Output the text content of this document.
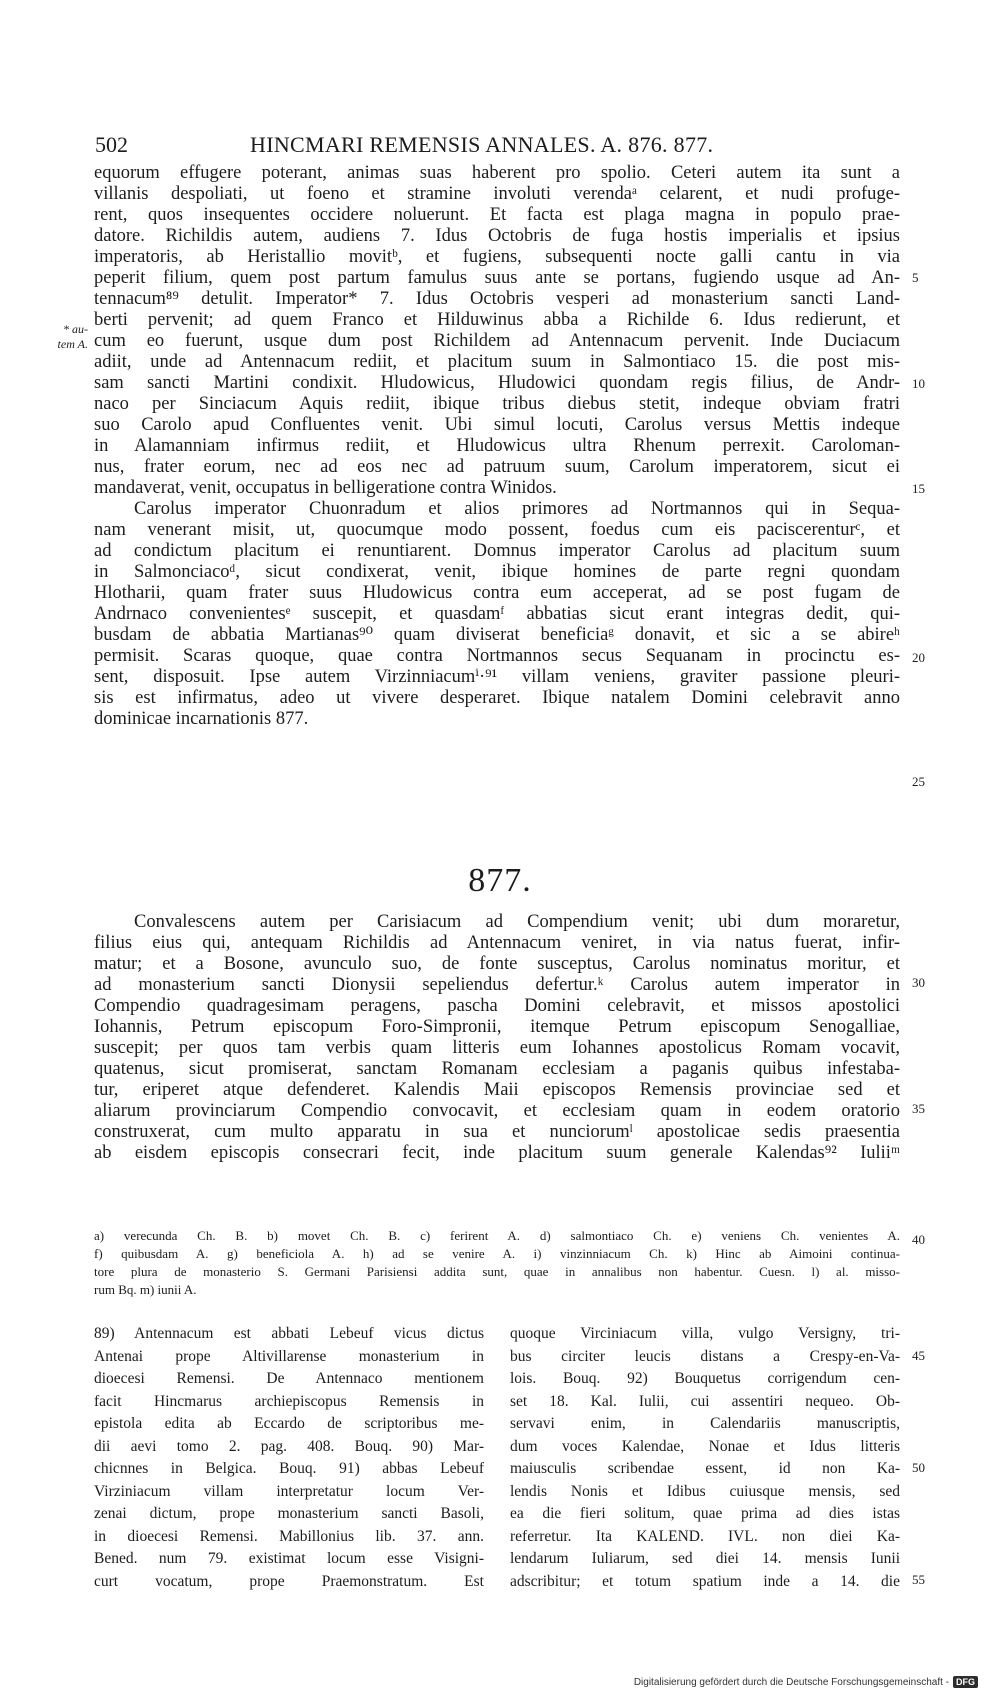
502	HINCMARI REMENSIS ANNALES. A. 876. 877.
* au-
tem A.
equorum effugere poterant, animas suas haberent pro spolio. Ceteri autem ita sunt a
villanis despoliati, ut foeno et stramine involuti verendaᵃ celarent, et nudi profuge-
rent, quos insequentes occidere noluerunt. Et facta est plaga magna in populo prae-
datore. Richildis autem, audiens 7. Idus Octobris de fuga hostis imperialis et ipsius
imperatoris, ab Heristallio movitᵇ, et fugiens, subsequenti nocte galli cantu in via
peperit filium, quem post partum famulus suus ante se portans, fugiendo usque ad An-
tennacum⁸⁹ detulit. Imperator* 7. Idus Octobris vesperi ad monasterium sancti Land-
berti pervenit; ad quem Franco et Hilduwinus abba a Richilde 6. Idus redierunt, et
cum eo fuerunt, usque dum post Richildem ad Antennacum pervenit. Inde Duciacum
adiit, unde ad Antennacum rediit, et placitum suum in Salmontiaco 15. die post mis-
sam sancti Martini condixit. Hludowicus, Hludowici quondam regis filius, de Andr-
naco per Sinciacum Aquis rediit, ibique tribus diebus stetit, indeque obviam fratri
suo Carolo apud Confluentes venit. Ubi simul locuti, Carolus versus Mettis indeque
in Alamanniam infirmus rediit, et Hludowicus ultra Rhenum perrexit. Caroloman-
nus, frater eorum, nec ad eos nec ad patruum suum, Carolum imperatorem, sicut ei
mandaverat, venit, occupatus in belligeratione contra Winidos.
Carolus imperator Chuonradum et alios primores ad Nortmannos qui in Sequa-
nam venerant misit, ut, quocumque modo possent, foedus cum eis paciscerenturᶜ, et
ad condictum placitum ei renuntiarent. Domnus imperator Carolus ad placitum suum
in Salmonciacoᵈ, sicut condixerat, venit, ibique homines de parte regni quondam
Hlotharii, quam frater suus Hludowicus contra eum acceperat, ad se post fugam de
Andrnaco convenientesᵉ suscepit, et quasdamᶠ abbatias sicut erant integras dedit, qui-
busdam de abbatia Martianas⁹⁰ quam diviserat beneficiaᵍ donavit, et sic a se abireʰ
permisit. Scaras quoque, quae contra Nortmannos secus Sequanam in procinctu es-
sent, disposuit. Ipse autem Virzinniacumⁱ·⁹¹ villam veniens, graviter passione pleuri-
sis est infirmatus, adeo ut vivere desperaret. Ibique natalem Domini celebravit anno
dominicae incarnationis 877.
877.
Convalescens autem per Carisiacum ad Compendium venit; ubi dum moraretur,
filius eius qui, antequam Richildis ad Antennacum veniret, in via natus fuerat, infir-
matur; et a Bosone, avunculo suo, de fonte susceptus, Carolus nominatus moritur, et
ad monasterium sancti Dionysii sepeliendus defertur.ᵏ Carolus autem imperator in
Compendio quadragesimam peragens, pascha Domini celebravit, et missos apostolici
Iohannis, Petrum episcopum Foro-Simpronii, itemque Petrum episcopum Senogalliae,
suscepit; per quos tam verbis quam litteris eum Iohannes apostolicus Romam vocavit,
quatenus, sicut promiserat, sanctam Romanam ecclesiam a paganis quibus infestaba-
tur, eriperet atque defenderet. Kalendis Maii episcopos Remensis provinciae sed et
aliarum provinciarum Compendio convocavit, et ecclesiam quam in eodem oratorio
construxerat, cum multo apparatu in sua et nunciorumˡ apostolicae sedis praesentia
ab eisdem episcopis consecrari fecit, inde placitum suum generale Kalendas⁹² Iuliiᵐ
5
10
15
20
25
30
35
40
45
50
55
a) verecunda Ch. B. b) movet Ch. B. c) ferirent A. d) salmontiaco Ch. e) veniens Ch. venientes A.
f) quibusdam A. g) beneficiola A. h) ad se venire A. i) vinzinniacum Ch. k) Hinc ab Aimoini continua-
tore plura de monasterio S. Germani Parisiensi addita sunt, quae in annalibus non habentur. Cuesn. l) al. misso-
rum Bq. m) iunii A.
89) Antennacum est abbati Lebeuf vicus dictus
Antenai prope Altivillarense monasterium in
dioecesi Remensi. De Antennaco mentionem
facit Hincmarus archiepiscopus Remensis in
epistola edita ab Eccardo de scriptoribus me-
dii aevi tomo 2. pag. 408. Bouq. 90) Mar-
chicnnes in Belgica. Bouq. 91) abbas Lebeuf
Virziniacum villam interpretatur locum Ver-
zenai dictum, prope monasterium sancti Basoli,
in dioecesi Remensi. Mabillonius lib. 37. ann.
Bened. num 79. existimat locum esse Visigni-
curt vocatum, prope Praemonstratum. Est
quoque Virciniacum villa, vulgo Versigny, tri-
bus circiter leucis distans a Crespy-en-Va-
lois. Bouq. 92) Bouquetus corrigendum cen-
set 18. Kal. Iulii, cui assentiri nequeo. Ob-
servavi enim, in Calendariis manuscriptis,
dum voces Kalendae, Nonae et Idus litteris
maiusculis scribendae essent, id non Ka-
lendis Nonis et Idibus cuiusque mensis, sed
ea die fieri solitum, quae prima ad dies istas
referretur. Ita KALEND. IVL. non diei Ka-
lendarum Iuliarum, sed diei 14. mensis Iunii
adscribitur; et totum spatium inde a 14. die
Digitalisierung gefördert durch die Deutsche Forschungsgemeinschaft - DFG
